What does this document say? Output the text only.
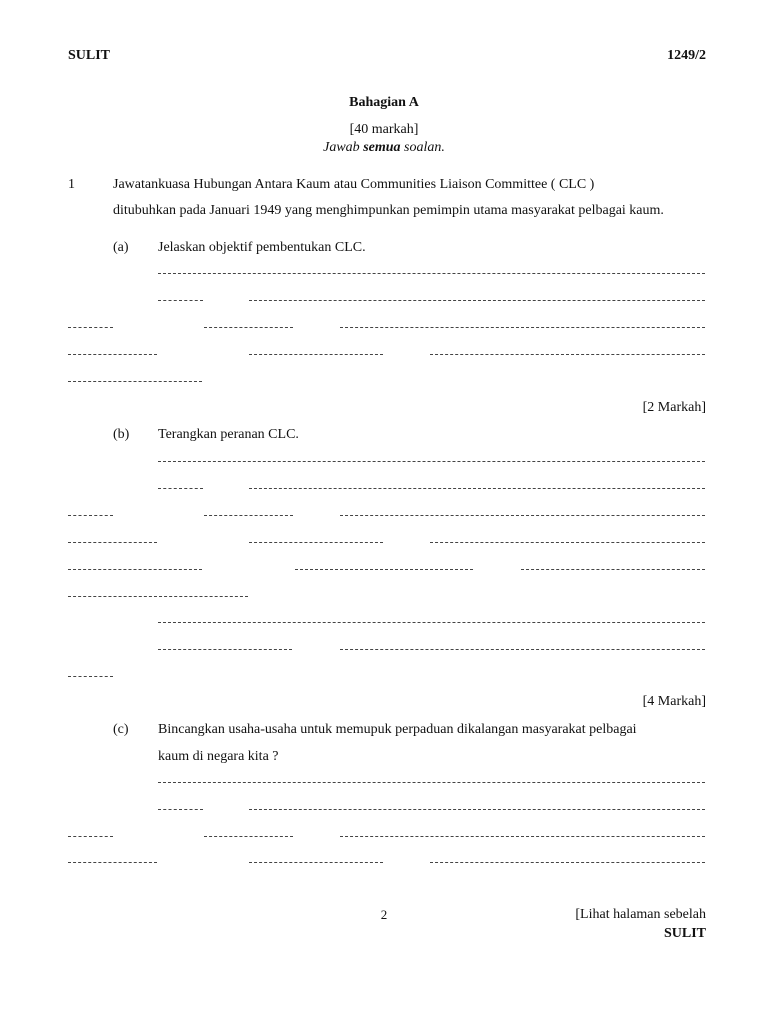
SULIT	1249/2
Bahagian A
[40 markah]
Jawab semua soalan.
1	Jawatankuasa Hubungan Antara Kaum atau Communities Liaison Committee ( CLC )
ditubuhkan pada Januari 1949 yang menghimpunkan pemimpin utama masyarakat pelbagai kaum.
(a) Jelaskan objektif pembentukan CLC.
[2 Markah]
(b) Terangkan peranan CLC.
[4 Markah]
(c) Bincangkan usaha-usaha untuk memupuk perpaduan dikalangan masyarakat pelbagai
kaum di negara kita ?
2	[Lihat halaman sebelah
SULIT
